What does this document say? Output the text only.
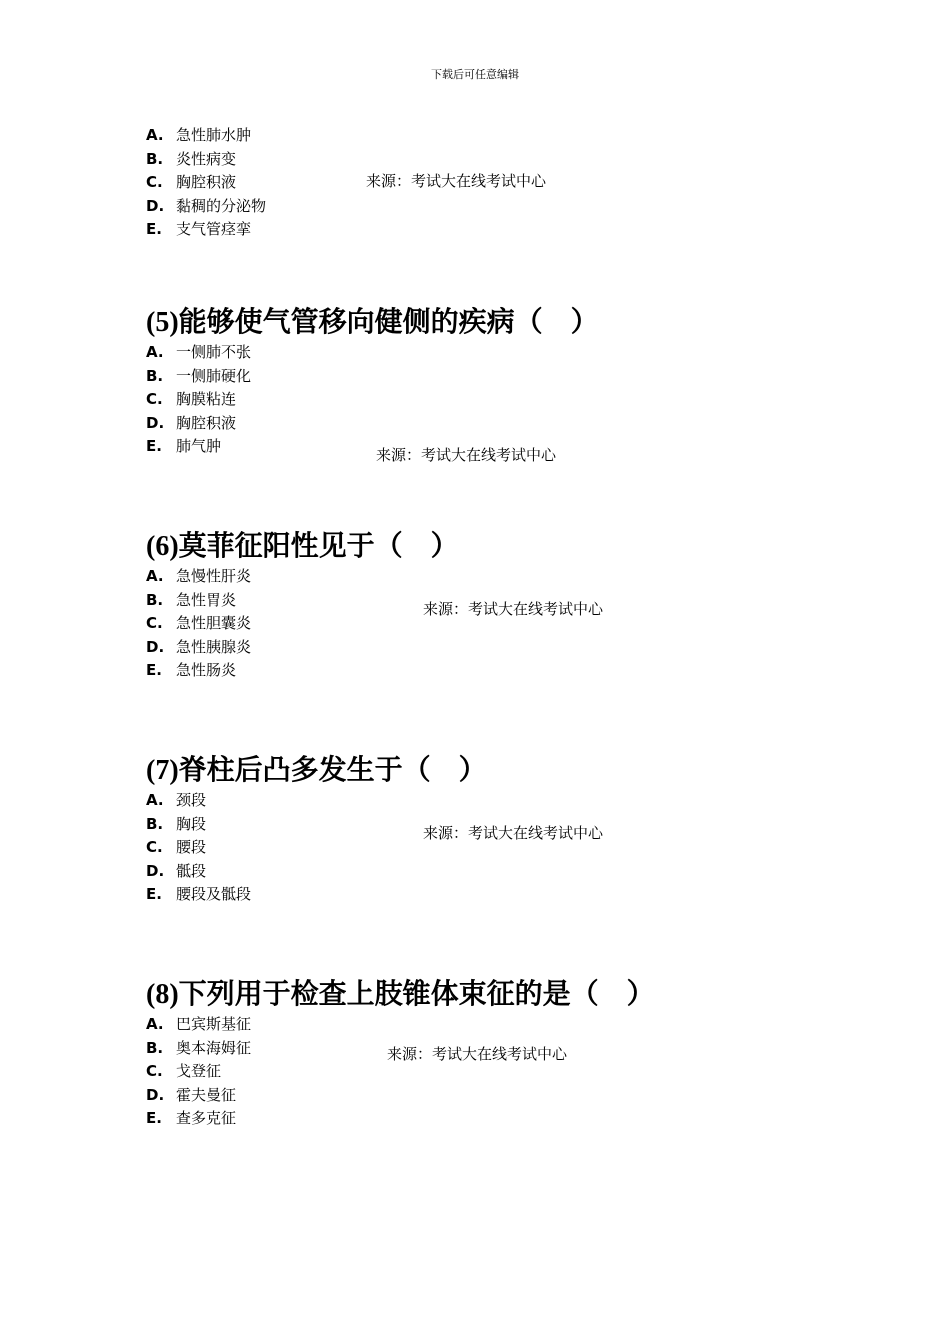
下载后可任意编辑
A. 急性肺水肿
B. 炎性病变
C. 胸腔积液
D. 黏稠的分泌物
E. 支气管痉挛
来源：考试大在线考试中心
(5)能够使气管移向健侧的疾病（　）
A. 一侧肺不张
B. 一侧肺硬化
C. 胸膜粘连
D. 胸腔积液
E. 肺气肿	来源：考试大在线考试中心
(6)莫菲征阳性见于（　）
A. 急慢性肝炎
B. 急性胃炎
C. 急性胆囊炎
D. 急性胰腺炎
E. 急性肠炎
来源：考试大在线考试中心
(7)脊柱后凸多发生于（　）
A. 颈段
B. 胸段
C. 腰段
D. 骶段
E. 腰段及骶段
来源：考试大在线考试中心
(8)下列用于检查上肢锥体束征的是（　）
A. 巴宾斯基征
B. 奥本海姆征
C. 戈登征
D. 霍夫曼征
E. 查多克征
来源：考试大在线考试中心
